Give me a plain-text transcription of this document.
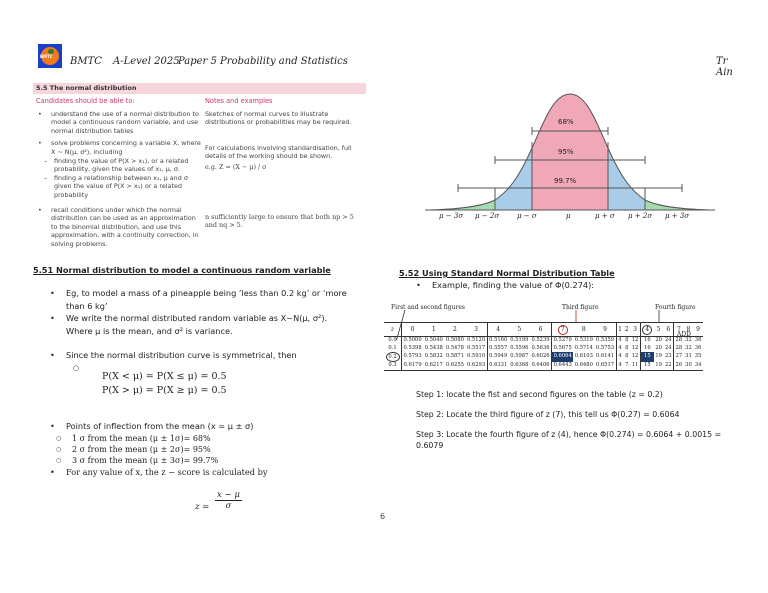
BMTC BMTC A-Level 2025
Paper 5 Probability and Statistics	Tr Ain
5.5 The normal distribution
Candidates should be able to:
• understand the use of a normal distribution to model a continuous random variable, and use normal distribution tables
• solve problems concerning a variable X, where X ~ N(μ, σ²), including
– finding the value of P(X > x₁), or a related probability, given the values of x₁, μ, σ.
– finding a relationship between x₁, μ and σ given the value of P(X > x₁) or a related probability
• recall conditions under which the normal distribution can be used as an approximation to the binomial distribution, and use this approximation, with a continuity correction, in solving problems.
Notes and examples
Sketches of normal curves to illustrate distributions or probabilities may be required.
For calculations involving standardisation, full details of the working should be shown.
e.g. Z = (X − μ) / σ
n sufficiently large to ensure that both np > 5 and nq > 5.
68%
95%
99.7%
μ − 3σ μ − 2σ	μ − σ	μ	μ + σ μ + 2σ μ + 3σ
5.51 Normal distribution to model a continuous random variable
• Eg, to model a mass of a pineapple being ‘less than 0.2 kg’ or ‘more than 6 kg’
• We write the normal distributed random variable as X~N(μ, σ²).
Where μ is the mean, and σ² is variance.
• Since the normal distribution curve is symmetrical, then
○
P(X < μ) = P(X ≤ μ) = 0.5
P(X > μ) = P(X ≥ μ) = 0.5
• Points of inflection from the mean (x = μ ± σ)
○ 1 σ from the mean (μ ± 1σ)= 68%
○ 2 σ from the mean (μ ± 2σ)= 95%
○ 3 σ from the mean (μ ± 3σ)= 99.7%
• For any value of x, the z − score is calculated by
$z = \frac{x - \mu}{\sigma}$
5.52 Using Standard Normal Distribution Table
• Example, finding the value of Φ(0.274):
First and second figures	Third figure	Fourth figure
z	0	1	2	3	4	5	6	7	8	9	1	2	3	4	5	6	7	8	9
0.0	0.5000	0.5040	0.5080	0.5120	0.5160	0.5199	0.5239	0.5279	0.5319	0.5359	4	8	12	16	20	24	28	32	36
0.1	0.5398	0.5438	0.5478	0.5517	0.5557	0.5596	0.5636	0.5675	0.5714	0.5753	4	8	12	16	20	24	28	32	36
0.2	0.5793	0.5832	0.5871	0.5910	0.5949	0.5987	0.6026	0.6064	0.6103	0.6141	4	8	12	15	19	23	27	31	35
0.3	0.6179	0.6217	0.6255	0.6293	0.6331	0.6368	0.6406	0.6443	0.6480	0.6517	4	7	11	15	19	22	26	30	34
ADD
Step 1: locate the fist and second figures on the table (z = 0.2)
Step 2: Locate the third figure of z (7), this tell us Φ(0.27) = 0.6064
Step 3: Locate the fourth figure of z (4), hence Φ(0.274) = 0.6064 + 0.0015 = 0.6079
6
